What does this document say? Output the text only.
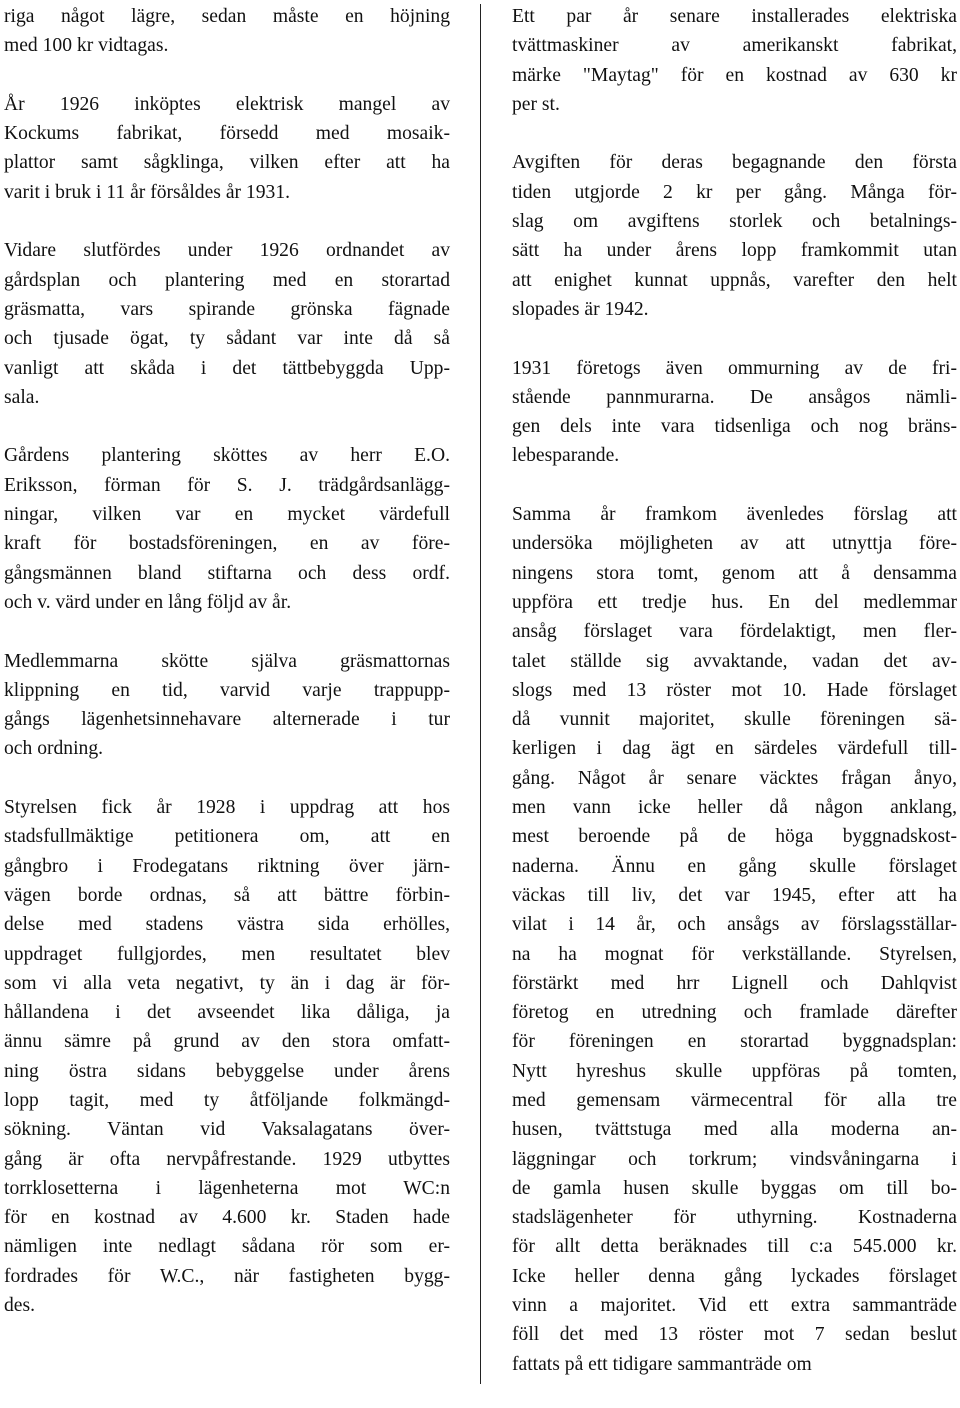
riga något lägre, sedan måste en höjning
med 100 kr vidtagas.
År 1926 inköptes elektrisk mangel av
Kockums fabrikat, försedd med mosaik-
plattor samt sågklinga, vilken efter att ha
varit i bruk i 11 år försåldes år 1931.
Vidare slutfördes under 1926 ordnandet av
gårdsplan och plantering med en storartad
gräsmatta, vars spirande grönska fägnade
och tjusade ögat, ty sådant var inte då så
vanligt att skåda i det tättbebyggda Upp-
sala.
Gårdens plantering sköttes av herr E.O.
Eriksson, förman för S. J. trädgårdsanlägg-
ningar, vilken var en mycket värdefull
kraft för bostadsföreningen, en av före-
gångsmännen bland stiftarna och dess ordf.
och v. värd under en lång följd av år.
Medlemmarna skötte själva gräsmattornas
klippning en tid, varvid varje trappupp-
gångs lägenhetsinnehavare alternerade i tur
och ordning.
Styrelsen fick år 1928 i uppdrag att hos
stadsfullmäktige petitionera om, att en
gångbro i Frodegatans riktning över järn-
vägen borde ordnas, så att bättre förbin-
delse med stadens västra sida erhölles,
uppdraget fullgjordes, men resultatet blev
som vi alla veta negativt, ty än i dag är för-
hållandena i det avseendet lika dåliga, ja
ännu sämre på grund av den stora omfatt-
ning östra sidans bebyggelse under årens
lopp tagit, med ty åtföljande folkmängd-
sökning. Väntan vid Vaksalagatans över-
gång är ofta nervpåfrestande. 1929 utbyttes
torrklosetterna i lägenheterna mot WC:n
för en kostnad av 4.600 kr. Staden hade
nämligen inte nedlagt sådana rör som er-
fordrades för W.C., när fastigheten bygg-
des.
Ett par år senare installerades elektriska
tvättmaskiner av amerikanskt fabrikat,
märke "Maytag" för en kostnad av 630 kr
per st.
Avgiften för deras begagnande den första
tiden utgjorde 2 kr per gång. Många för-
slag om avgiftens storlek och betalnings-
sätt ha under årens lopp framkommit utan
att enighet kunnat uppnås, varefter den helt
slopades är 1942.
1931 företogs även ommurning av de fri-
stående pannmurarna. De ansågos nämli-
gen dels inte vara tidsenliga och nog bräns-
lebesparande.
Samma år framkom ävenledes förslag att
undersöka möjligheten av att utnyttja före-
ningens stora tomt, genom att å densamma
uppföra ett tredje hus. En del medlemmar
ansåg förslaget vara fördelaktigt, men fler-
talet ställde sig avvaktande, vadan det av-
slogs med 13 röster mot 10. Hade förslaget
då vunnit majoritet, skulle föreningen sä-
kerligen i dag ägt en särdeles värdefull till-
gång. Något år senare väcktes frågan ånyo,
men vann icke heller då någon anklang,
mest beroende på de höga byggnadskost-
naderna. Ännu en gång skulle förslaget
väckas till liv, det var 1945, efter att ha
vilat i 14 år, och ansågs av förslagsställar-
na ha mognat för verkställande. Styrelsen,
förstärkt med hrr Lignell och Dahlqvist
företog en utredning och framlade därefter
för föreningen en storartad byggnadsplan:
Nytt hyreshus skulle uppföras på tomten,
med gemensam värmecentral för alla tre
husen, tvättstuga med alla moderna an-
läggningar och torkrum; vindsvåningarna i
de gamla husen skulle byggas om till bo-
stadslägenheter för uthyrning. Kostnaderna
för allt detta beräknades till c:a 545.000 kr.
Icke heller denna gång lyckades förslaget
vinn a majoritet. Vid ett extra sammanträde
föll det med 13 röster mot 7 sedan beslut
fattats på ett tidigare sammanträde om
